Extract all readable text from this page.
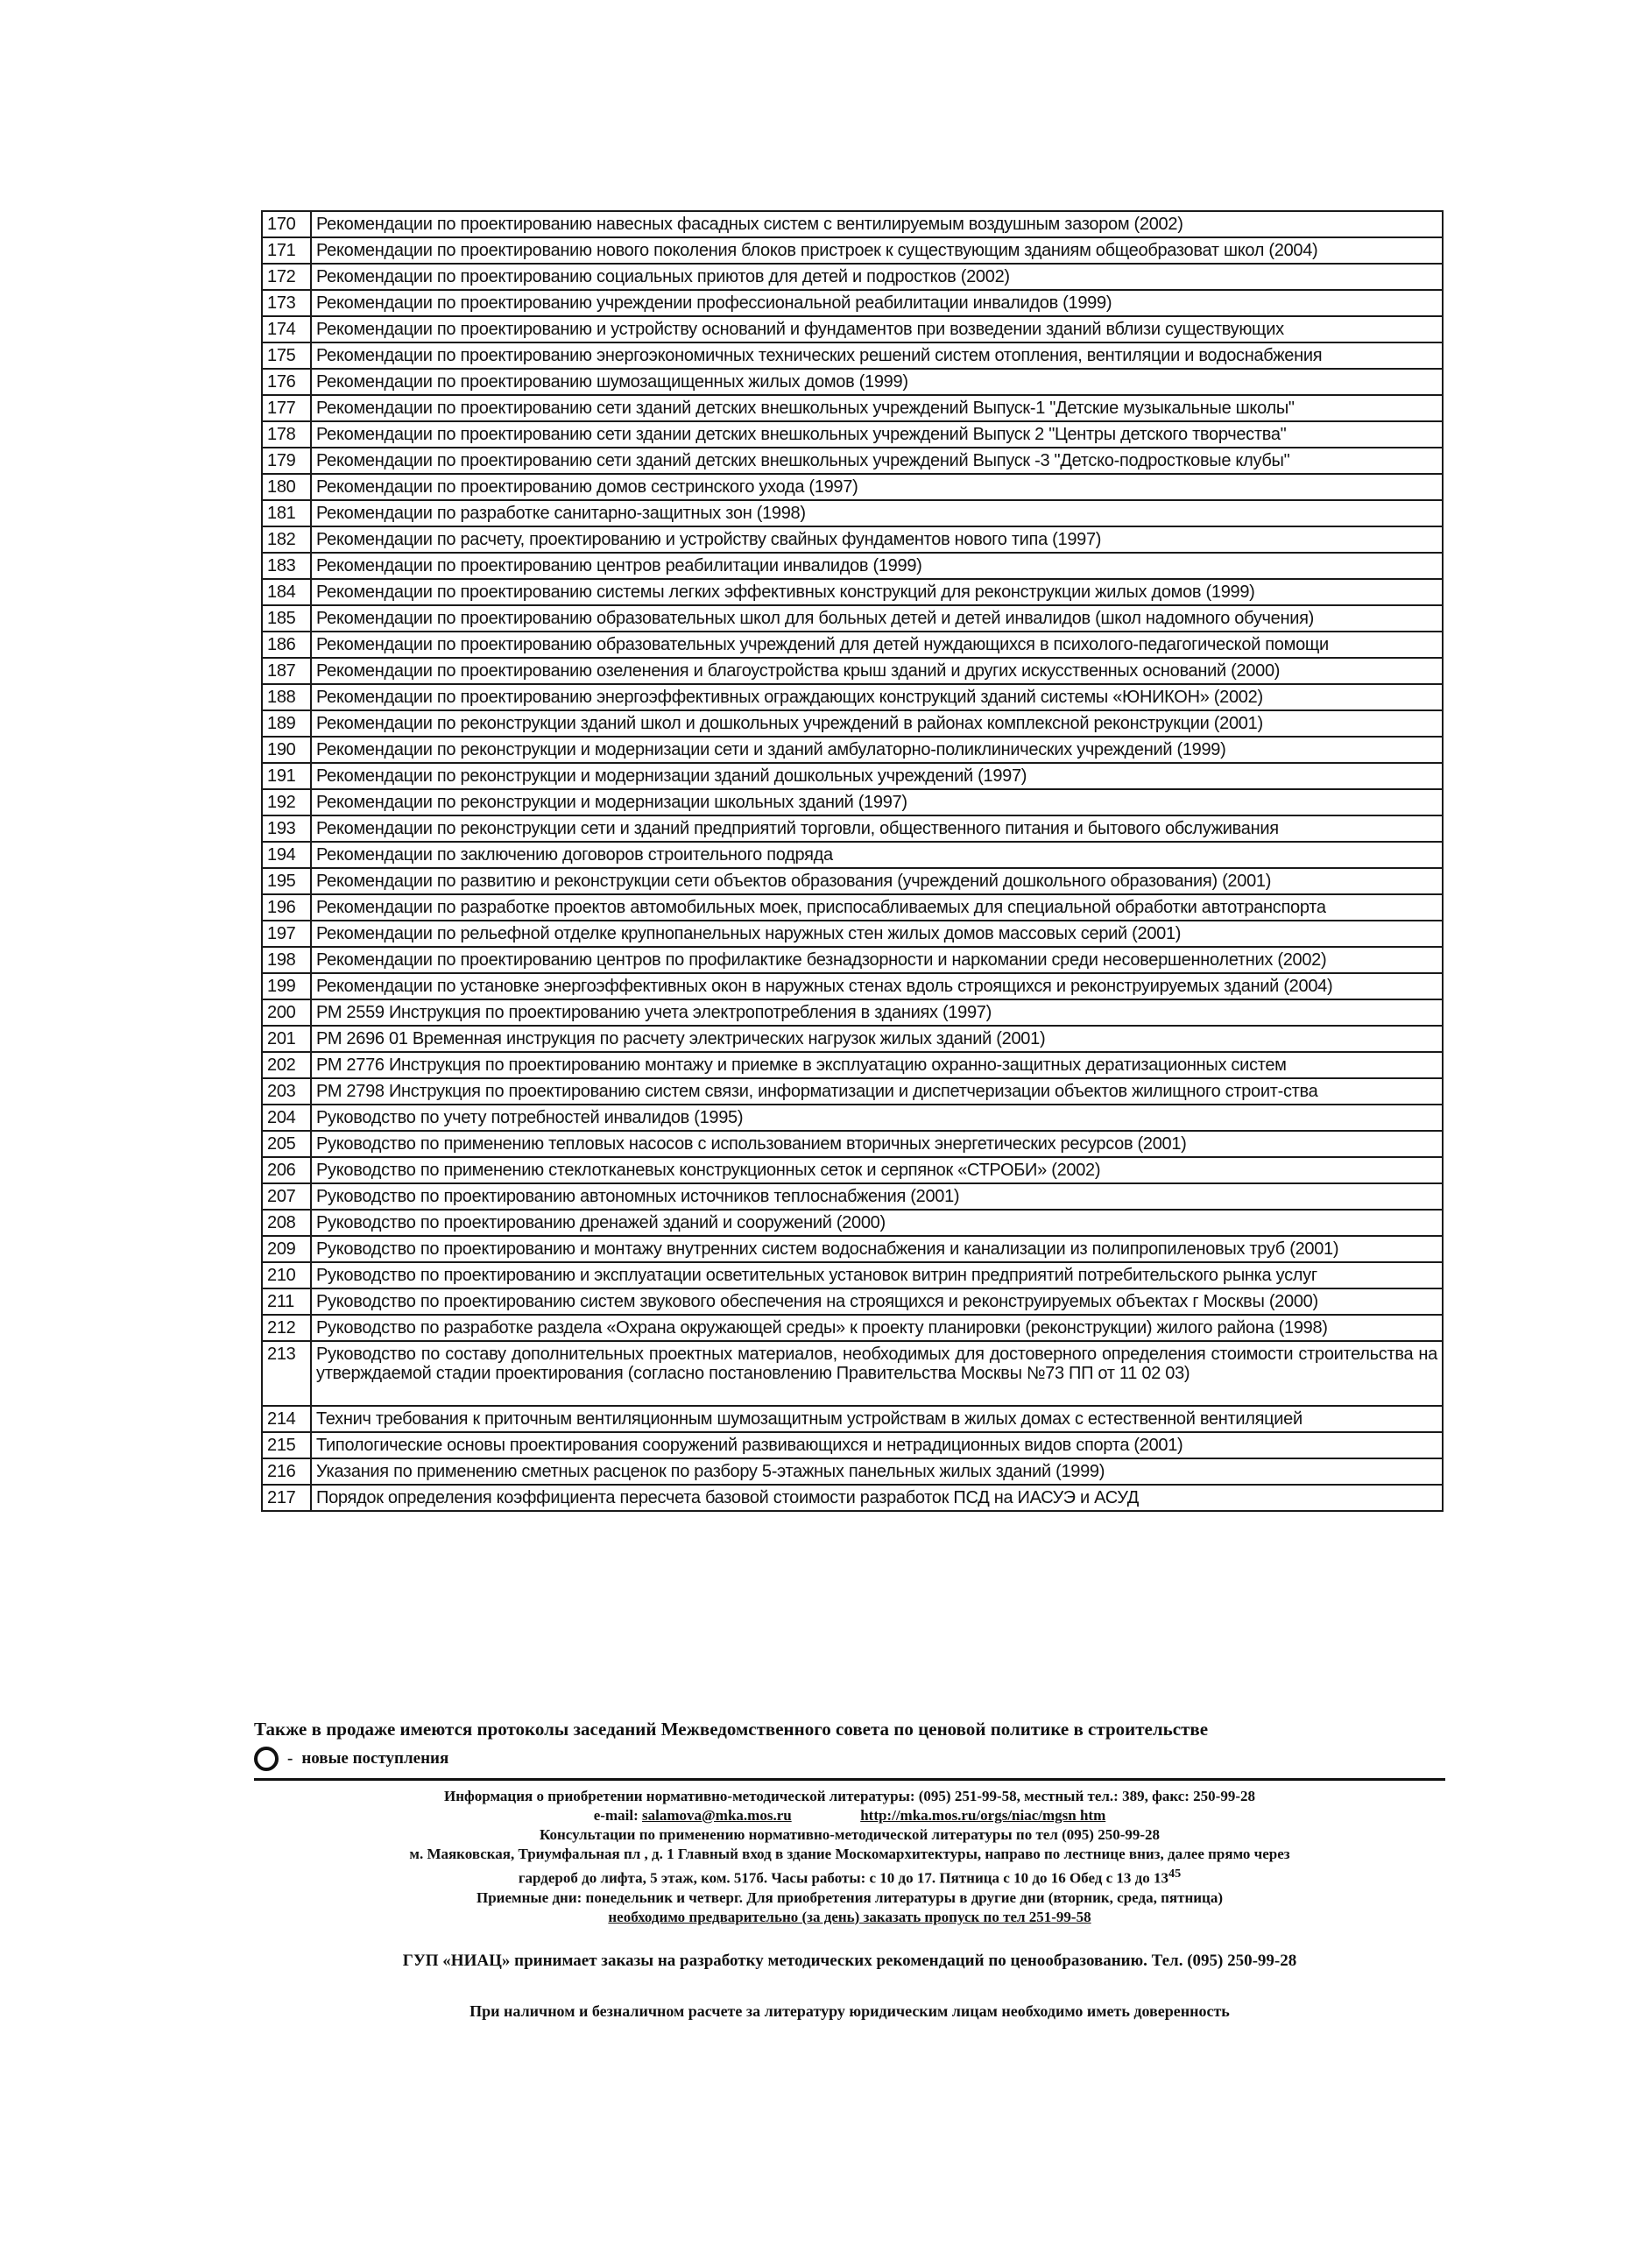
170	Рекомендации по проектированию навесных фасадных систем с вентилируемым воздушным зазором (2002)
171	Рекомендации по проектированию нового поколения блоков пристроек к существующим зданиям общеобразоват школ (2004)
172	Рекомендации по проектированию социальных приютов для детей и подростков (2002)
173	Рекомендации по проектированию учреждении профессиональной реабилитации инвалидов (1999)
174	Рекомендации по проектированию и устройству оснований и фундаментов при возведении зданий вблизи существующих
175	Рекомендации по проектированию энергоэкономичных технических решений систем отопления, вентиляции и водоснабжения
176	Рекомендации по проектированию шумозащищенных жилых домов (1999)
177	Рекомендации по проектированию сети зданий детских внешкольных учреждений Выпуск-1 "Детские музыкальные школы"
178	Рекомендации по проектированию сети здании детских внешкольных учреждений Выпуск 2 "Центры детского творчества"
179	Рекомендации по проектированию сети зданий детских внешкольных учреждений Выпуск -3 "Детско-подростковые клубы"
180	Рекомендации по проектированию домов сестринского ухода (1997)
181	Рекомендации по разработке санитарно-защитных зон (1998)
182	Рекомендации по расчету, проектированию и устройству свайных фундаментов нового типа (1997)
183	Рекомендации по проектированию центров реабилитации инвалидов (1999)
184	Рекомендации по проектированию системы легких эффективных конструкций для реконструкции жилых домов (1999)
185	Рекомендации по проектированию образовательных школ для больных детей и детей инвалидов (школ надомного обучения)
186	Рекомендации по проектированию образовательных учреждений для детей нуждающихся в психолого-педагогической помощи
187	Рекомендации по проектированию озеленения и благоустройства крыш зданий и других искусственных оснований (2000)
188	Рекомендации по проектированию энергоэффективных ограждающих конструкций зданий системы «ЮНИКОН» (2002)
189	Рекомендации по реконструкции зданий школ и дошкольных учреждений в районах комплексной реконструкции (2001)
190	Рекомендации по реконструкции и модернизации сети и зданий амбулаторно-поликлинических учреждений (1999)
191	Рекомендации по реконструкции и модернизации зданий дошкольных учреждений (1997)
192	Рекомендации по реконструкции и модернизации школьных зданий (1997)
193	Рекомендации по реконструкции сети и зданий предприятий торговли, общественного питания и бытового обслуживания
194	Рекомендации по заключению договоров строительного подряда
195	Рекомендации по развитию и реконструкции сети объектов образования (учреждений дошкольного образования) (2001)
196	Рекомендации по разработке проектов автомобильных моек, приспосабливаемых для специальной обработки автотранспорта
197	Рекомендации по рельефной отделке крупнопанельных наружных стен жилых домов массовых серий (2001)
198	Рекомендации по проектированию центров по профилактике безнадзорности и наркомании среди несовершеннолетних (2002)
199	Рекомендации по установке энергоэффективных окон в наружных стенах вдоль строящихся и реконструируемых зданий (2004)
200	РМ 2559 Инструкция по проектированию учета электропотребления в зданиях (1997)
201	РМ 2696 01 Временная инструкция по расчету электрических нагрузок жилых зданий (2001)
202	РМ 2776 Инструкция по проектированию монтажу и приемке в эксплуатацию охранно-защитных дератизационных систем
203	РМ 2798 Инструкция по проектированию систем связи, информатизации и диспетчеризации объектов жилищного строит-ства
204	Руководство по учету потребностей инвалидов (1995)
205	Руководство по применению тепловых насосов с использованием вторичных энергетических ресурсов (2001)
206	Руководство по применению стеклотканевых конструкционных сеток и серпянок «СТРОБИ» (2002)
207	Руководство по проектированию автономных источников теплоснабжения (2001)
208	Руководство по проектированию дренажей зданий и сооружений (2000)
209	Руководство по проектированию и монтажу внутренних систем водоснабжения и канализации из полипропиленовых труб (2001)
210	Руководство по проектированию и эксплуатации осветительных установок витрин предприятий потребительского рынка услуг
211	Руководство по проектированию систем звукового обеспечения на строящихся и реконструируемых объектах г Москвы (2000)
212	Руководство по разработке раздела «Охрана окружающей среды» к проекту планировки (реконструкции) жилого района (1998)
213	Руководство по составу дополнительных проектных материалов, необходимых для достоверного определения стоимости строительства на утверждаемой стадии проектирования (согласно постановлению Правительства Москвы №73 ПП от 11 02 03)
214	Технич требования к приточным вентиляционным шумозащитным устройствам в жилых домах с естественной вентиляцией
215	Типологические основы проектирования сооружений развивающихся и нетрадиционных видов спорта (2001)
216	Указания по применению сметных расценок по разбору 5-этажных панельных жилых зданий (1999)
217	Порядок определения коэффициента пересчета базовой стоимости разработок ПСД на ИАСУЭ и АСУД
Также в продаже имеются протоколы заседаний Межведомственного совета по ценовой политике в строительстве
- новые поступления
Информация о приобретении нормативно-методической литературы: (095) 251-99-58, местный тел.: 389, факс: 250-99-28
e-mail: salamova@mka.mos.ru	http://mka.mos.ru/orgs/niac/mgsn htm
Консультации по применению нормативно-методической литературы по тел (095) 250-99-28
м. Маяковская, Триумфальная пл , д. 1 Главный вход в здание Москомархитектуры, направо по лестнице вниз, далее прямо через
гардероб до лифта, 5 этаж, ком. 517б. Часы работы: с 10 до 17. Пятница с 10 до 16 Обед с 13 до $13^{45}$
Приемные дни: понедельник и четверг. Для приобретения литературы в другие дни (вторник, среда, пятница)
необходимо предварительно (за день) заказать пропуск по тел 251-99-58
ГУП «НИАЦ» принимает заказы на разработку методических рекомендаций по ценообразованию. Тел. (095) 250-99-28
При наличном и безналичном расчете за литературу юридическим лицам необходимо иметь доверенность
